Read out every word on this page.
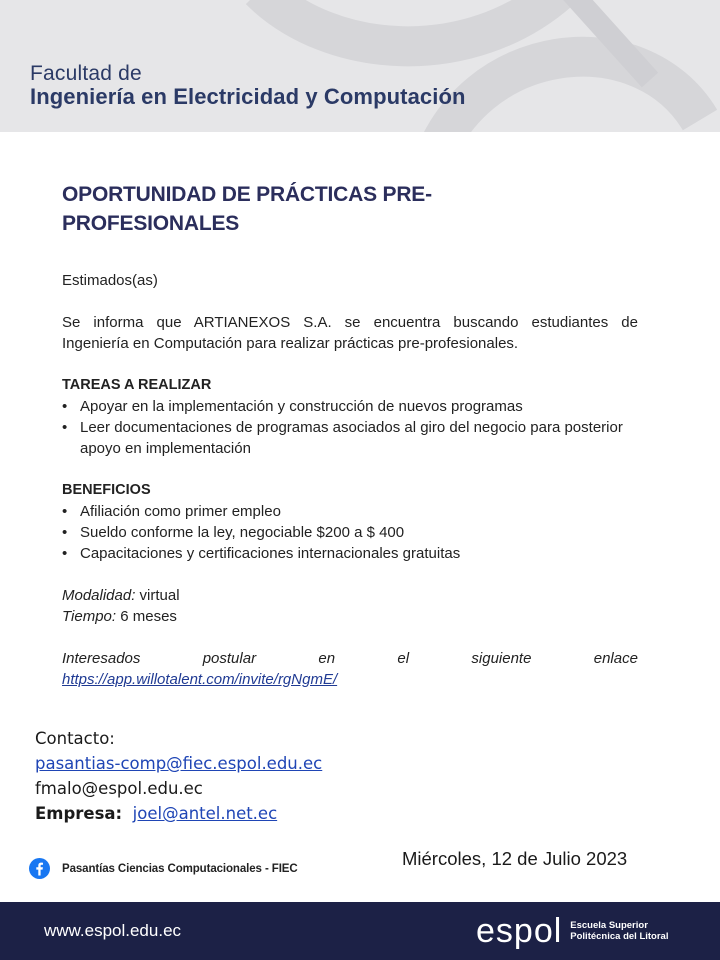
Facultad de
Ingeniería en Electricidad y Computación
OPORTUNIDAD DE PRÁCTICAS PRE-PROFESIONALES

Estimados(as)

Se informa que ARTIANEXOS S.A. se encuentra buscando estudiantes de

Ingeniería en Computación para realizar prácticas pre-profesionales.

TAREAS A REALIZAR
• Apoyar en la implementación y construcción de nuevos programas
• Leer documentaciones de programas asociados al giro del negocio para posterior apoyo en implementación
BENEFICIOS
• Afiliación como primer empleo
• Sueldo conforme la ley, negociable $200 a $ 400
• Capacitaciones y certificaciones internacionales gratuitas
Modalidad: virtual
Tiempo: 6 meses
Interesados	postular	en	el	siguiente	enlace
https://app.willotalent.com/invite/rgNgmE/
Contacto:
pasantias-comp@fiec.espol.edu.ec
fmalo@espol.edu.ec
Empresa: joel@antel.net.ec
Miércoles, 12 de Julio 2023
Pasantías Ciencias Computacionales - FIEC
www.espol.edu.ec	espol Escuela Superior
Politécnica del Litoral
